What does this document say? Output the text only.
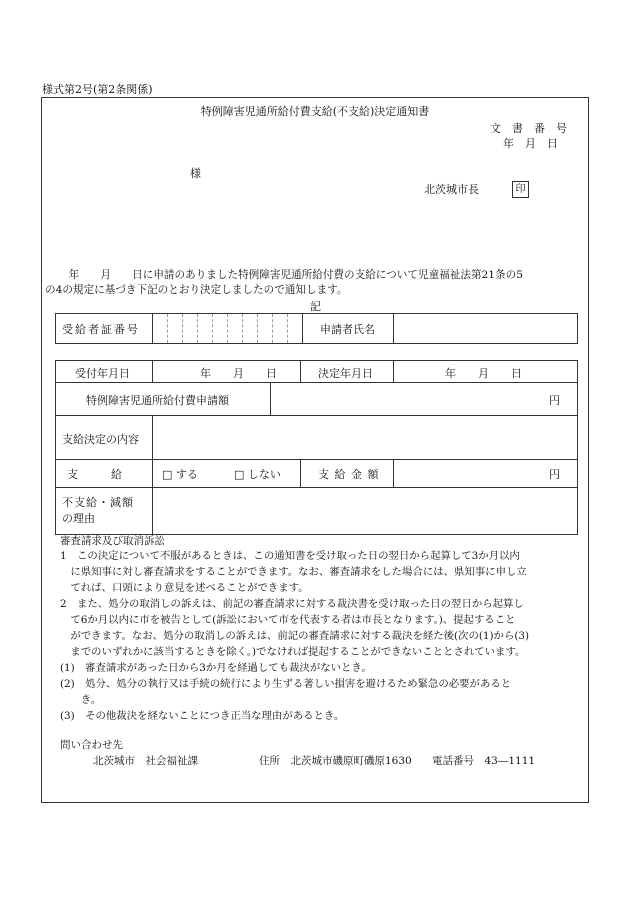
様式第2号(第2条関係)
特例障害児通所給付費支給(不支給)決定通知書
文　書　番　号
年　月　日
様
北茨城市長	印
　年　　月　　日に申請のありました特例障害児通所給付費の支給について児童福祉法第21条の5
の4の規定に基づき下記のとおり決定しましたので通知します。
記
受給者証番号	申請者氏名
受付年月日	年　　月　　日	決定年月日	年　　月　　日
特例障害児通所給付費申請額	円
支給決定の内容
支　　　給	□ する	□ しない	支 給 金 額	円
不支給・減額
の理由
審査請求及び取消訴訟
1　この決定について不服があるときは、この通知書を受け取った日の翌日から起算して3か月以内
　に県知事に対し審査請求をすることができます。なお、審査請求をした場合には、県知事に申し立
　てれば、口頭により意見を述べることができます。
2　また、処分の取消しの訴えは、前記の審査請求に対する裁決書を受け取った日の翌日から起算し
　て6か月以内に市を被告として(訴訟において市を代表する者は市長となります。)、提起すること
　ができます。なお、処分の取消しの訴えは、前記の審査請求に対する裁決を経た後(次の(1)から(3)
　までのいずれかに該当するときを除く。)でなければ提起することができないこととされています。
(1)　審査請求があった日から3か月を経過しても裁決がないとき。
(2)　処分、処分の執行又は手続の続行により生ずる著しい損害を避けるため緊急の必要があると
　　き。
(3)　その他裁決を経ないことにつき正当な理由があるとき。
問い合わせ先
北茨城市　社会福祉課	住所　北茨城市磯原町磯原1630 電話番号　43―1111
